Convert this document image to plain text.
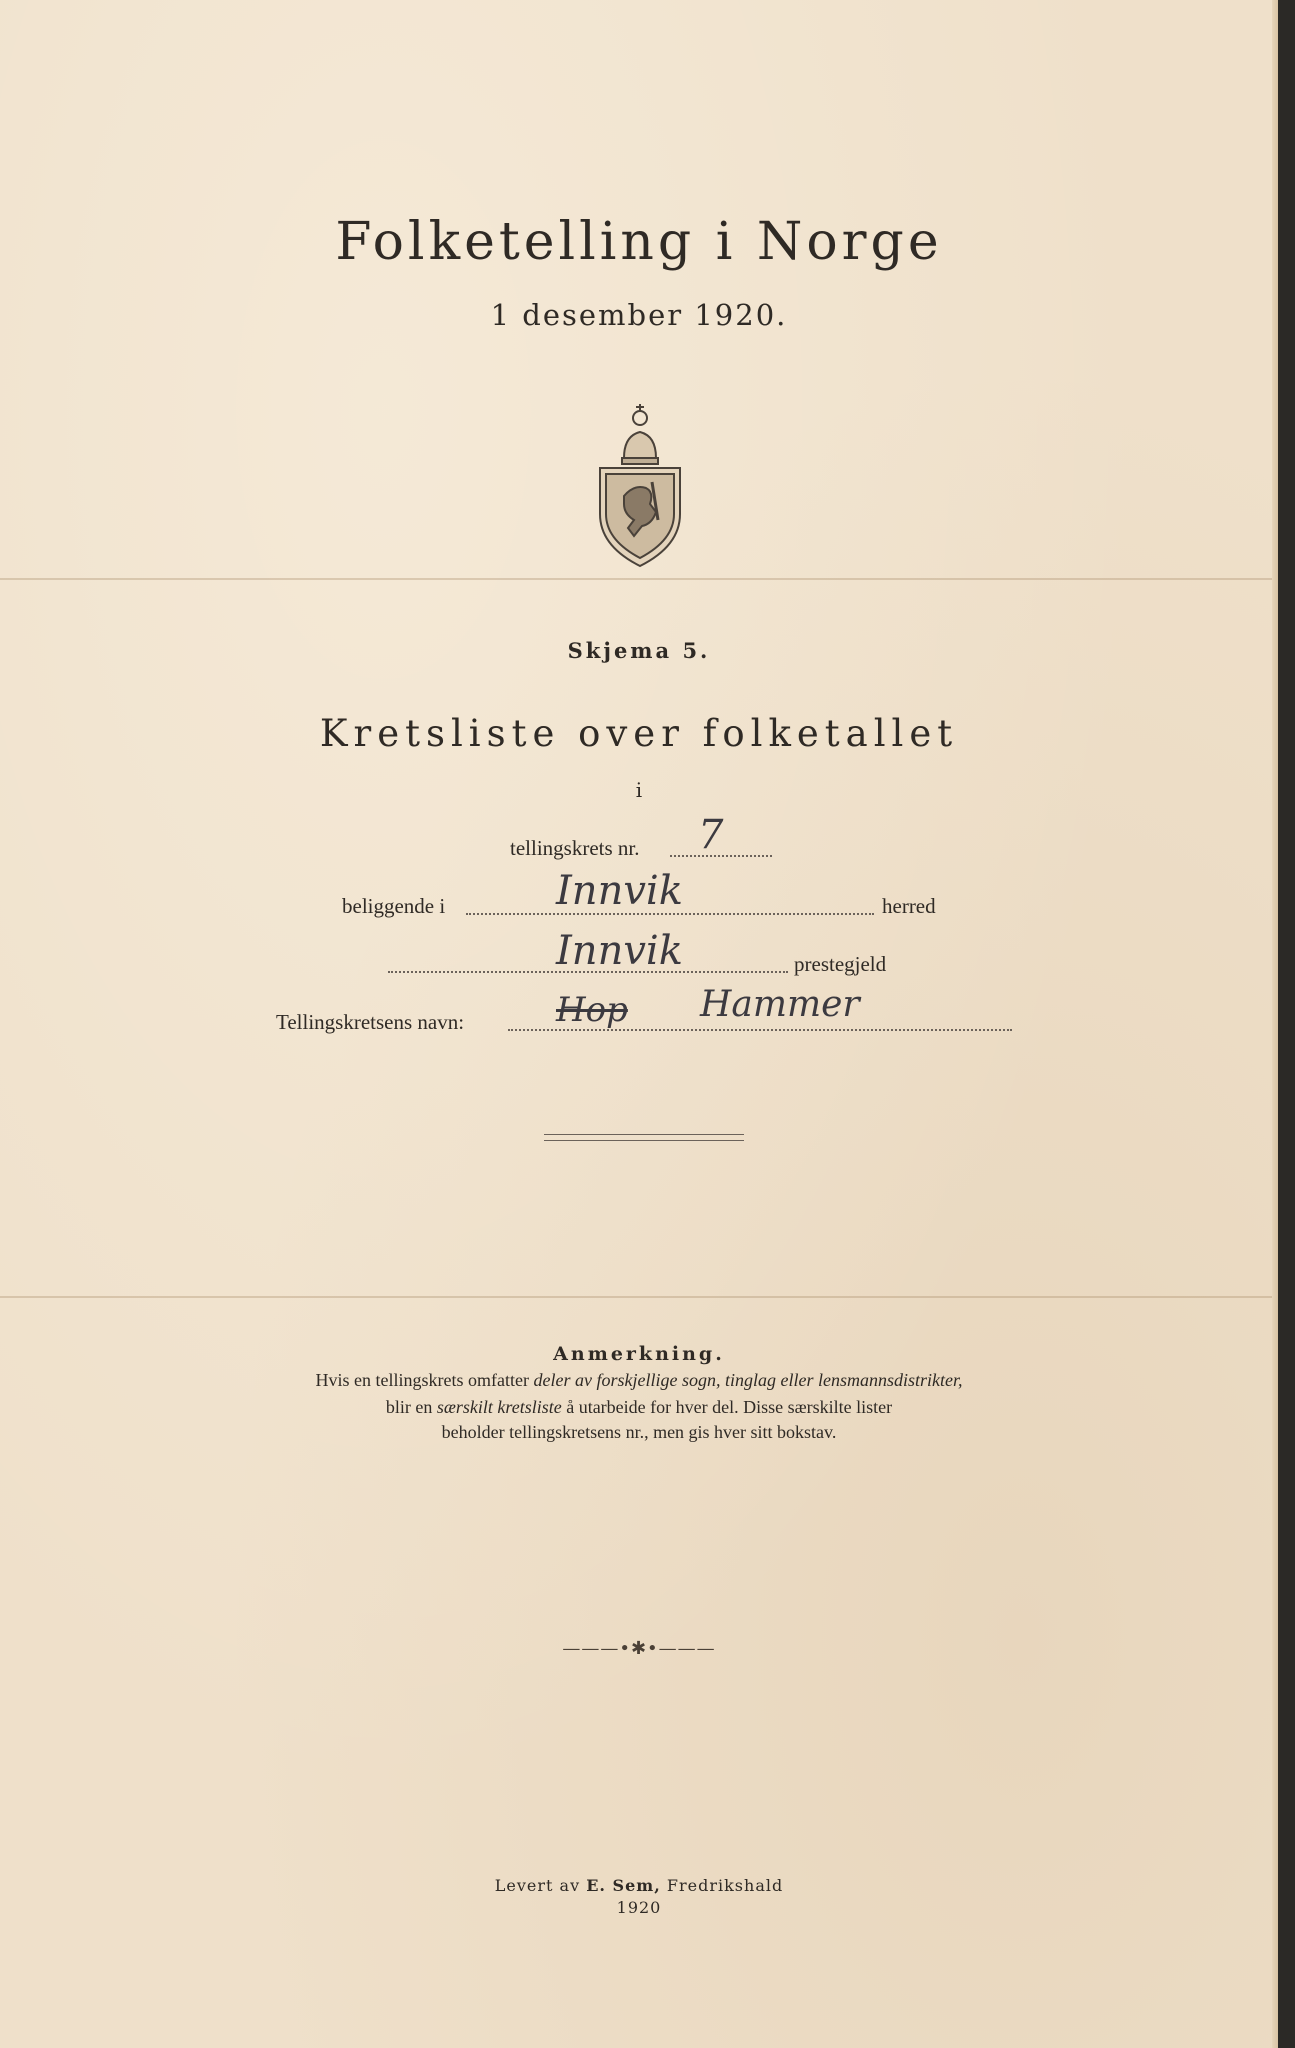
Folketelling i Norge
1 desember 1920.
Skjema 5.
Kretsliste over folketallet
i
tellingskrets nr. 7
beliggende i	Innvik	herred
Innvik	prestegjeld
Tellingskretsens navn:	Hop Hammer
Anmerkning.
Hvis en tellingskrets omfatter deler av forskjellige sogn, tinglag eller lensmannsdistrikter,
blir en særskilt kretsliste å utarbeide for hver del. Disse særskilte lister
beholder tellingskretsens nr., men gis hver sitt bokstav.
———•✱•———
Levert av E. Sem, Fredrikshald
1920
